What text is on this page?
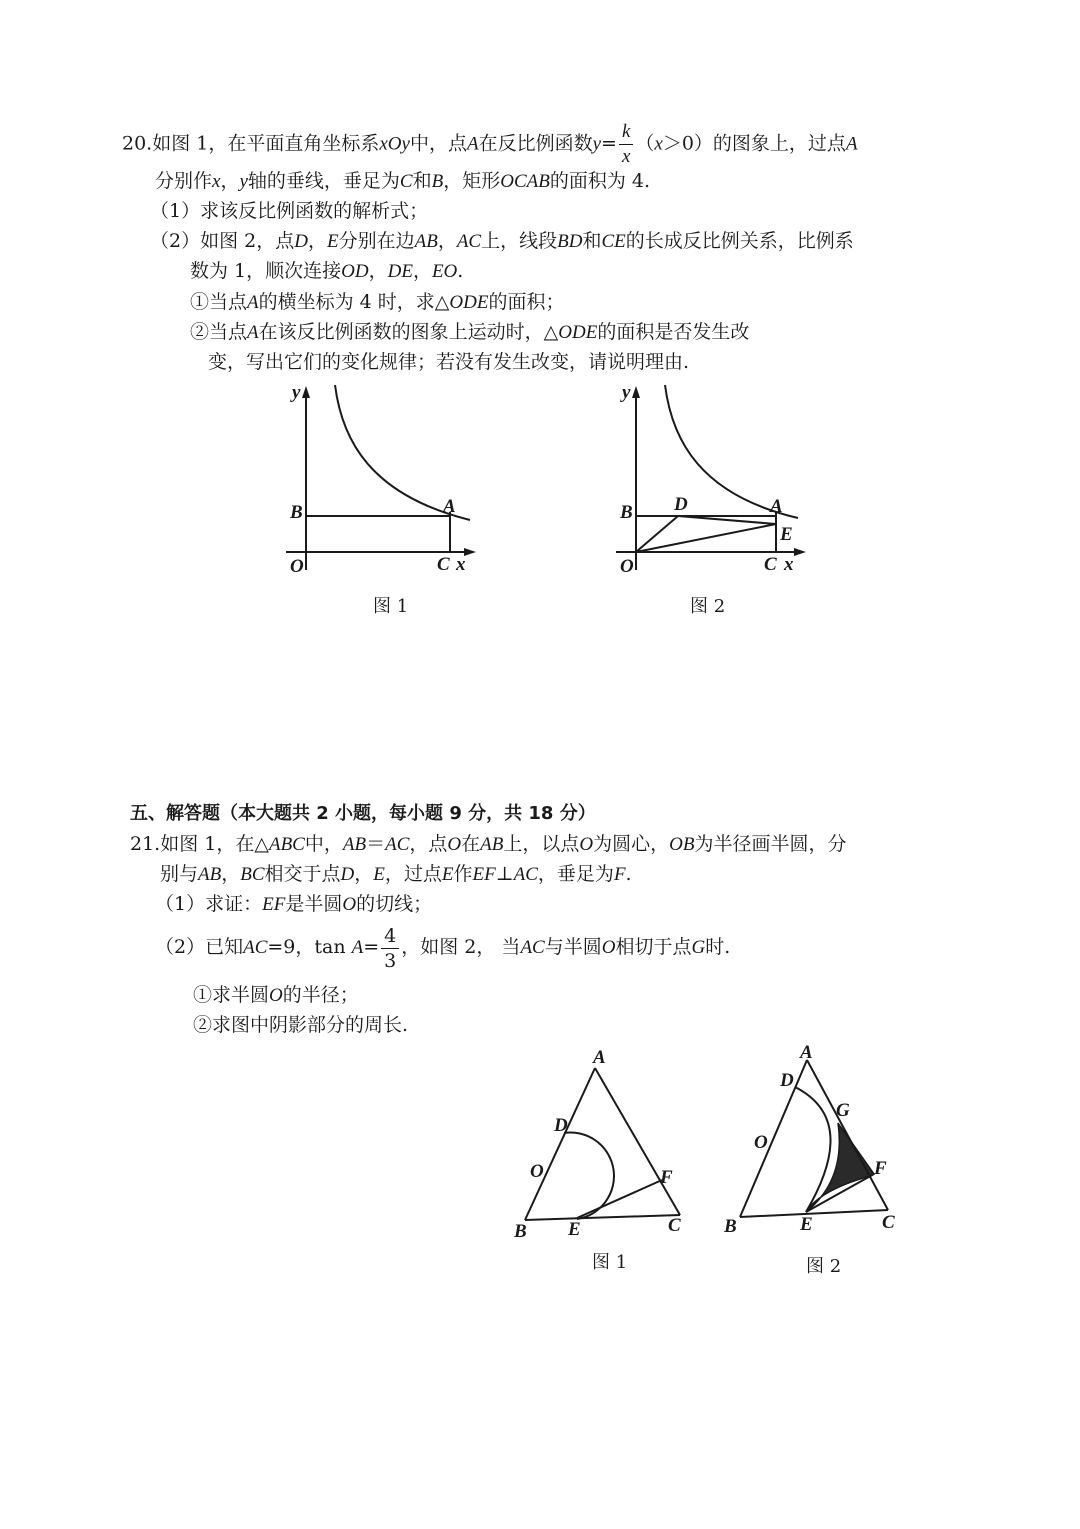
20.如图 1，在平面直角坐标系xOy中，点A在反比例函数$y= \frac{k}{x} (x>0)$的图象上，过点A
分别作x，y轴的垂线，垂足为C和B，矩形OCAB的面积为 4.
（1）求该反比例函数的解析式；
（2）如图 2，点D，E分别在边AB，AC上，线段BD和CE的长成反比例关系，比例系
数为 1，顺次连接OD，DE，EO.
①当点A的横坐标为 4 时，求△ODE的面积；
②当点A在该反比例函数的图象上运动时，△ODE的面积是否发生改
变，写出它们的变化规律；若没有发生改变，请说明理由.
y
B	A
O	C x
图 1
y
B D	A
E
O	C x
图 2
五、解答题（本大题共 2 小题，每小题 9 分，共 18 分）
21.如图 1，在△ABC中，AB＝AC，点O在AB上，以点O为圆心，OB为半径画半圆，分
别与AB，BC相交于点D，E，过点E作EF⊥AC，垂足为F.
（1）求证：EF是半圆O的切线；
（2）已知AC=9，$\tan A= \frac{4}{3}$ ，如图 2， 当AC与半圆O相切于点G时.
①求半圆O的半径；
②求图中阴影部分的周长.
A
D
O	F
B E	C
图 1
A
D
G
O
F
B	E	C
图 2
